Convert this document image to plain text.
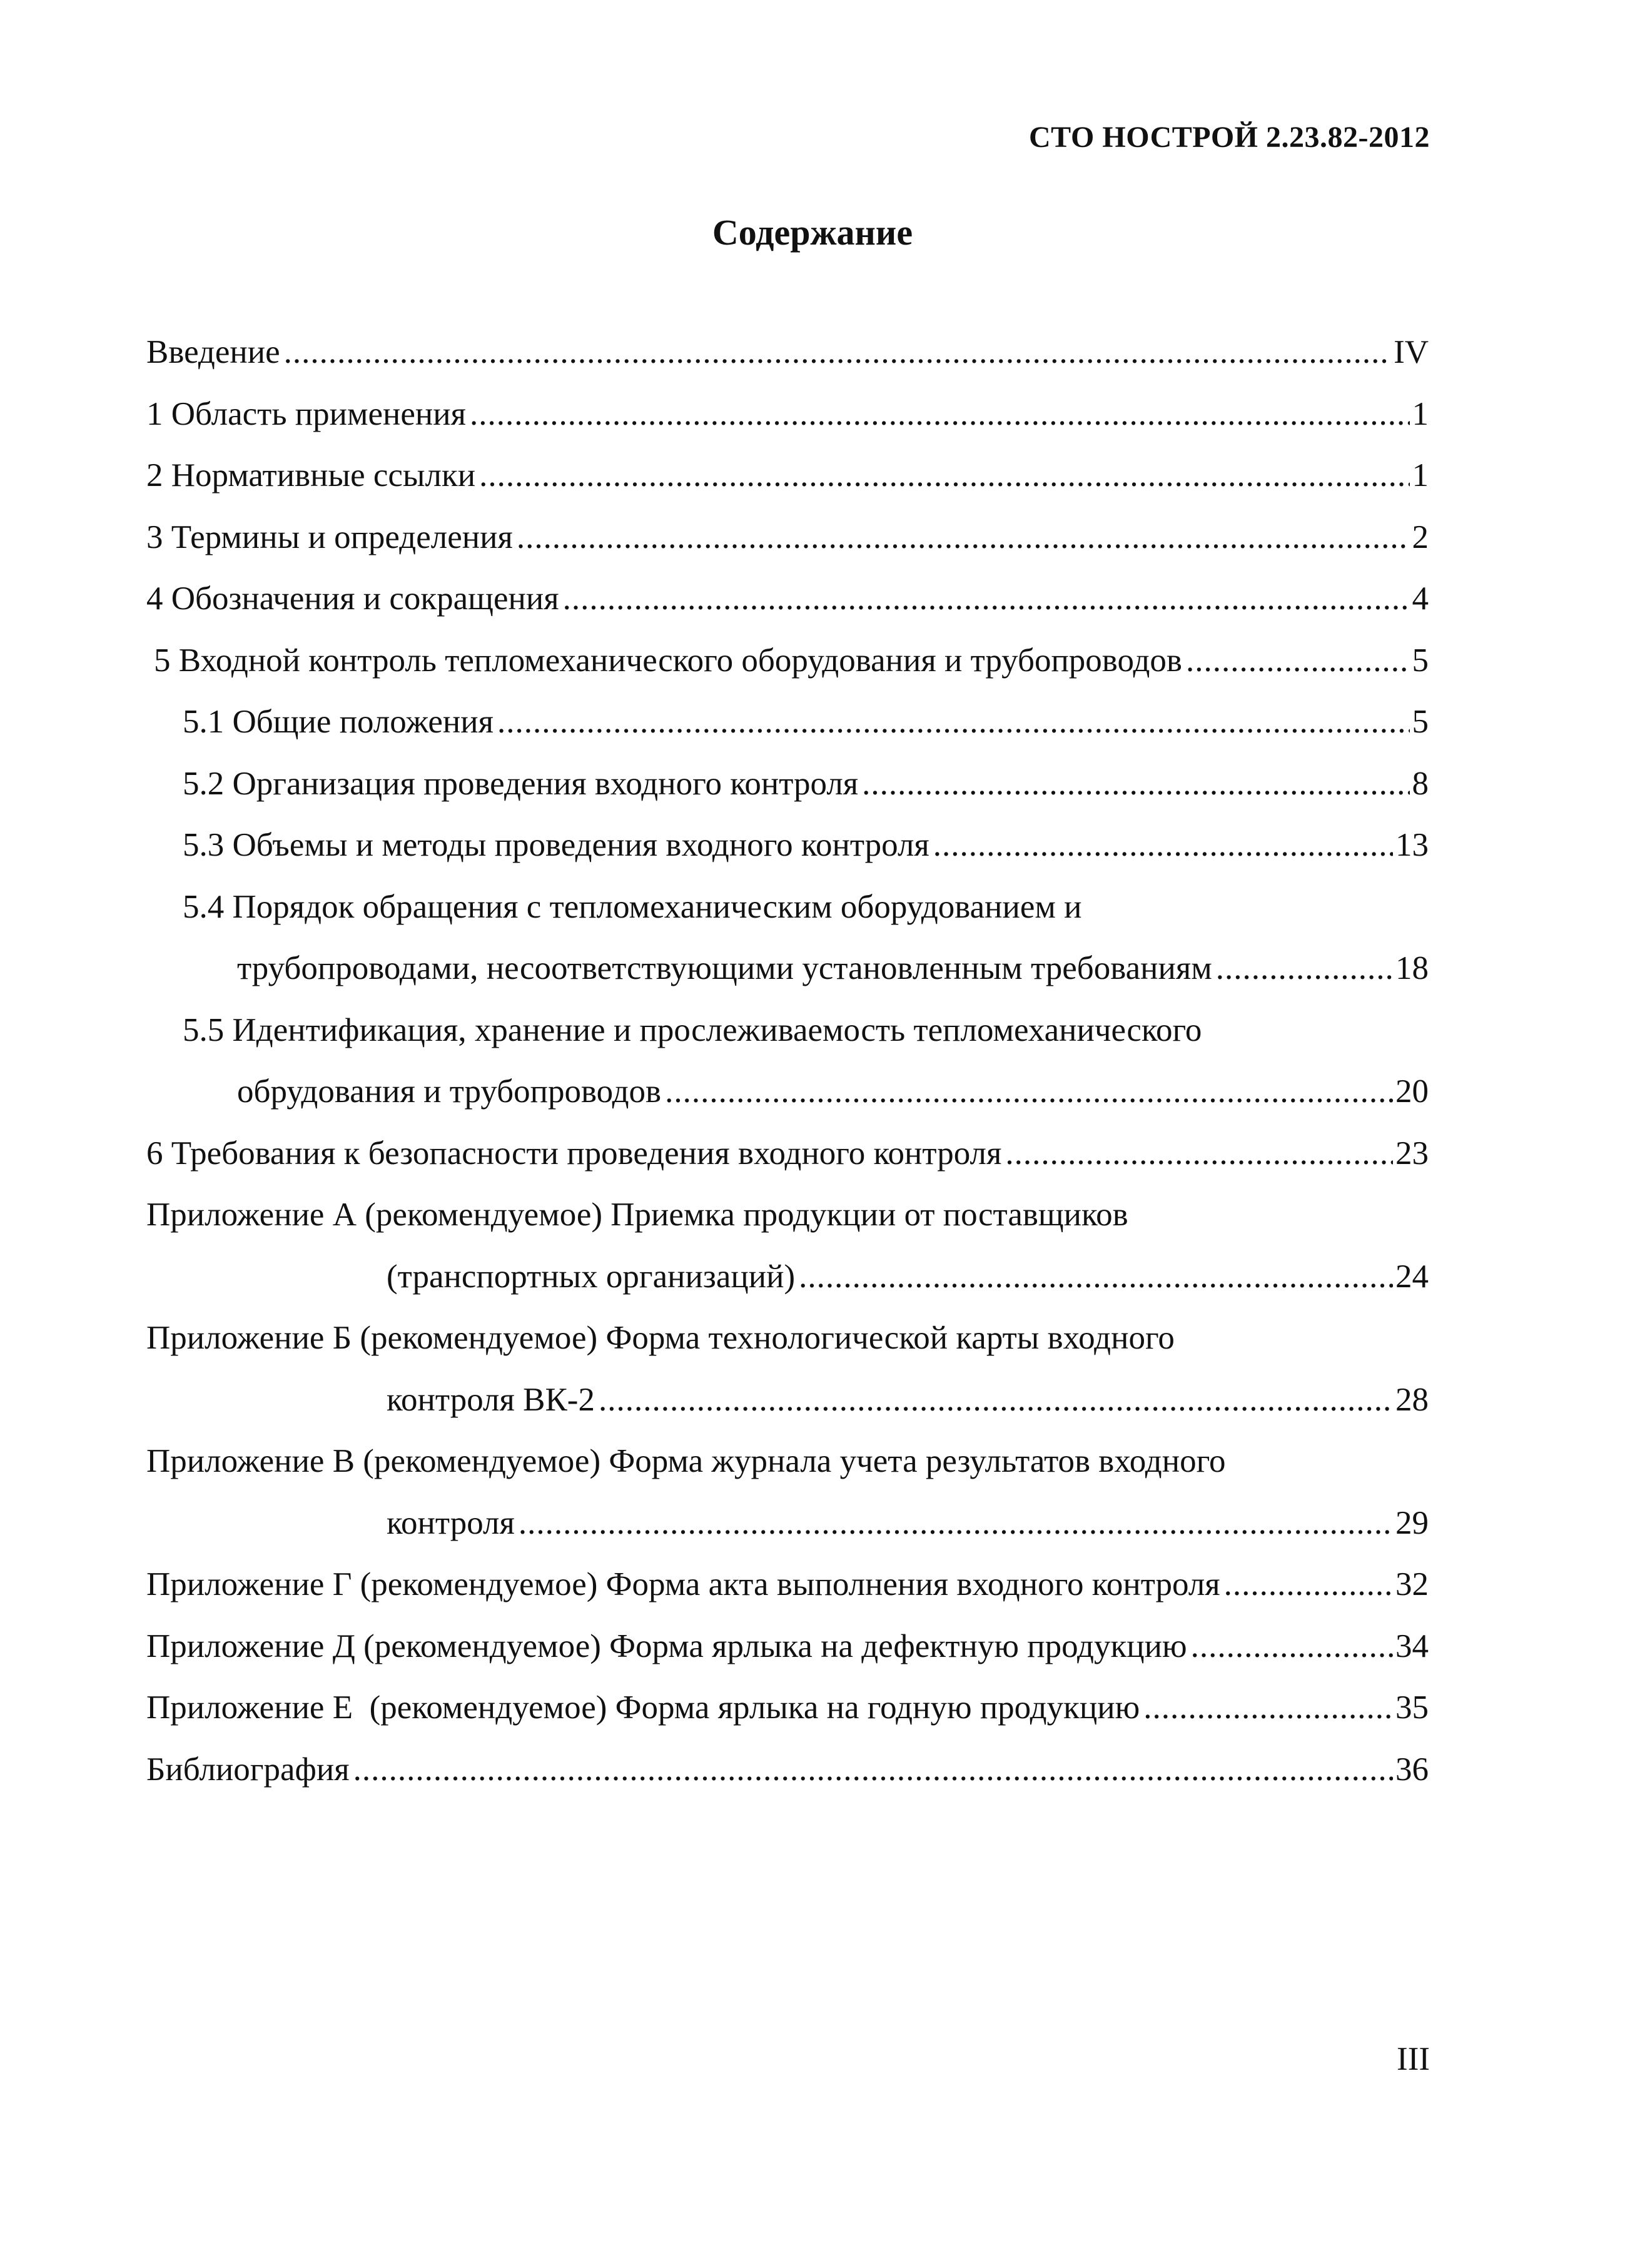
СТО НОСТРОЙ 2.23.82-2012
Содержание
Введение .....	IV
1 Область применения .....	1
2 Нормативные ссылки .....	1
3 Термины и определения .....	2
4 Обозначения и сокращения .....	4
5 Входной контроль тепломеханического оборудования и трубопроводов .....	5
5.1 Общие положения .....	5
5.2 Организация проведения входного контроля .....	8
5.3 Объемы и методы проведения входного контроля .....	13
5.4 Порядок обращения с тепломеханическим оборудованием и
трубопроводами, несоответствующими установленным требованиям .....	18
5.5 Идентификация, хранение и прослеживаемость тепломеханического
обрудования и трубопроводов .....	20
6 Требования к безопасности проведения входного контроля .....	23
Приложение А (рекомендуемое) Приемка продукции от поставщиков
(транспортных организаций) .....	24
Приложение Б (рекомендуемое) Форма технологической карты входного
контроля ВК-2 .....	28
Приложение В (рекомендуемое) Форма журнала учета результатов входного
контроля .....	29
Приложение Г (рекомендуемое) Форма акта выполнения входного контроля .....	32
Приложение Д (рекомендуемое) Форма ярлыка на дефектную продукцию .....	34
Приложение Е  (рекомендуемое) Форма ярлыка на годную продукцию .....	35
Библиография .....	36
III
